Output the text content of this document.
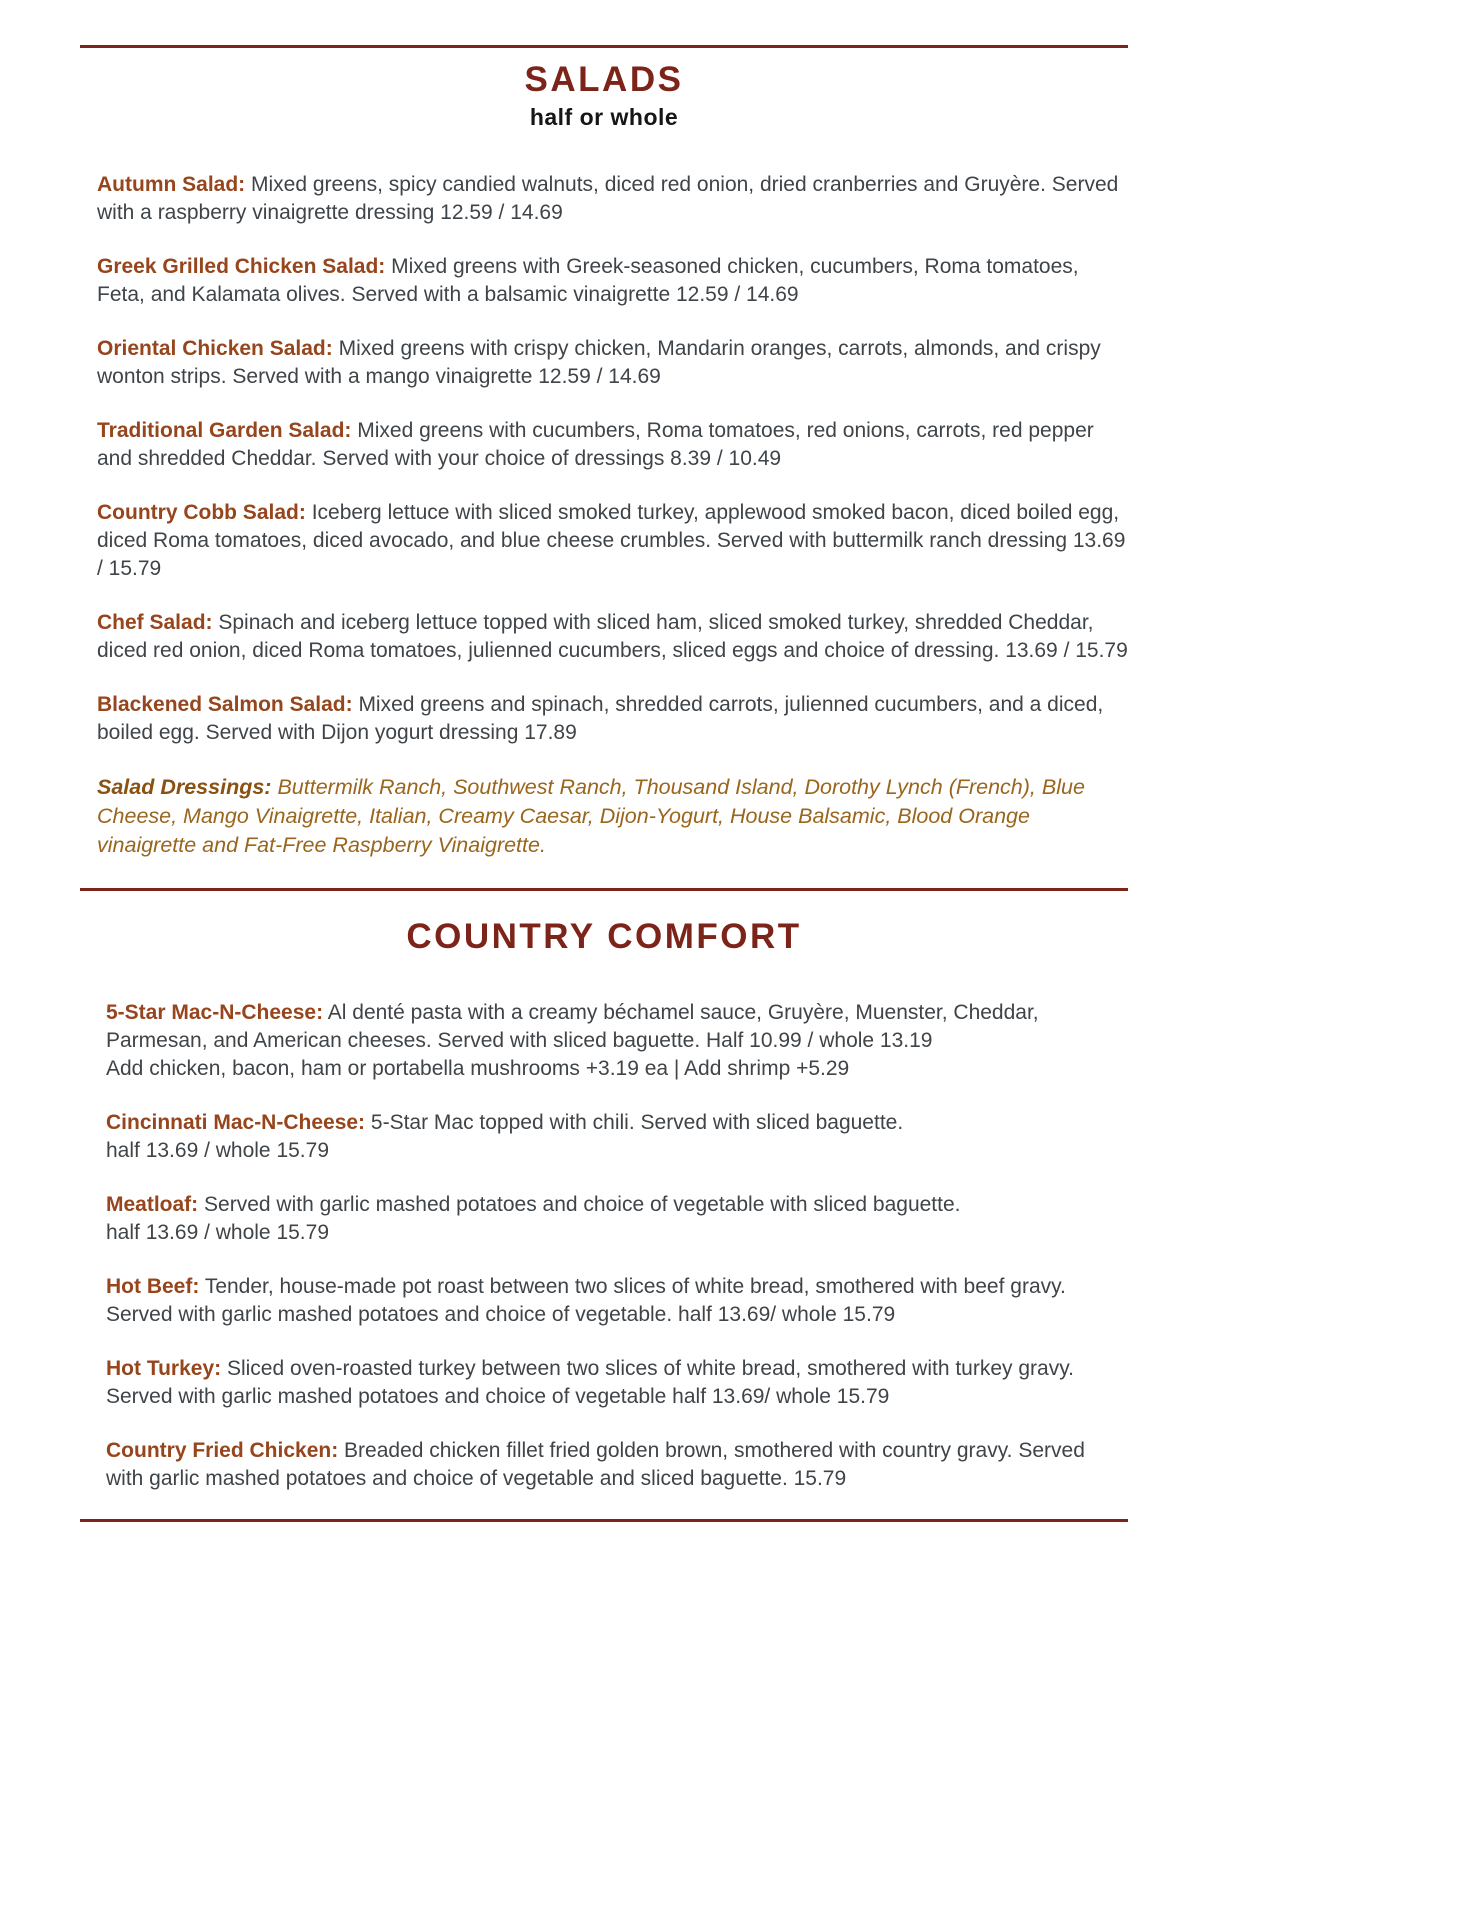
SALADS
half or whole

Autumn Salad: Mixed greens, spicy candied walnuts, diced red onion, dried cranberries and Gruyère. Served with a raspberry vinaigrette dressing 12.59 / 14.69

Greek Grilled Chicken Salad: Mixed greens with Greek-seasoned chicken, cucumbers, Roma tomatoes, Feta, and Kalamata olives. Served with a balsamic vinaigrette 12.59 / 14.69

Oriental Chicken Salad: Mixed greens with crispy chicken, Mandarin oranges, carrots, almonds, and crispy wonton strips. Served with a mango vinaigrette 12.59 / 14.69

Traditional Garden Salad: Mixed greens with cucumbers, Roma tomatoes, red onions, carrots, red pepper and shredded Cheddar. Served with your choice of dressings 8.39 / 10.49

Country Cobb Salad: Iceberg lettuce with sliced smoked turkey, applewood smoked bacon, diced boiled egg, diced Roma tomatoes, diced avocado, and blue cheese crumbles. Served with buttermilk ranch dressing 13.69 / 15.79

Chef Salad: Spinach and iceberg lettuce topped with sliced ham, sliced smoked turkey, shredded Cheddar, diced red onion, diced Roma tomatoes, julienned cucumbers, sliced eggs and choice of dressing. 13.69 / 15.79

Blackened Salmon Salad: Mixed greens and spinach, shredded carrots, julienned cucumbers, and a diced, boiled egg. Served with Dijon yogurt dressing 17.89

Salad Dressings: Buttermilk Ranch, Southwest Ranch, Thousand Island, Dorothy Lynch (French), Blue Cheese, Mango Vinaigrette, Italian, Creamy Caesar, Dijon-Yogurt, House Balsamic, Blood Orange vinaigrette and Fat-Free Raspberry Vinaigrette.

COUNTRY COMFORT

5-Star Mac-N-Cheese: Al denté pasta with a creamy béchamel sauce, Gruyère, Muenster, Cheddar, Parmesan, and American cheeses. Served with sliced baguette. Half 10.99 / whole 13.19
Add chicken, bacon, ham or portabella mushrooms +3.19 ea | Add shrimp +5.29

Cincinnati Mac-N-Cheese: 5-Star Mac topped with chili. Served with sliced baguette.
half 13.69 / whole 15.79

Meatloaf: Served with garlic mashed potatoes and choice of vegetable with sliced baguette.
half 13.69 / whole 15.79

Hot Beef: Tender, house-made pot roast between two slices of white bread, smothered with beef gravy. Served with garlic mashed potatoes and choice of vegetable. half 13.69/ whole 15.79

Hot Turkey: Sliced oven-roasted turkey between two slices of white bread, smothered with turkey gravy. Served with garlic mashed potatoes and choice of vegetable half 13.69/ whole 15.79

Country Fried Chicken: Breaded chicken fillet fried golden brown, smothered with country gravy. Served with garlic mashed potatoes and choice of vegetable and sliced baguette. 15.79
